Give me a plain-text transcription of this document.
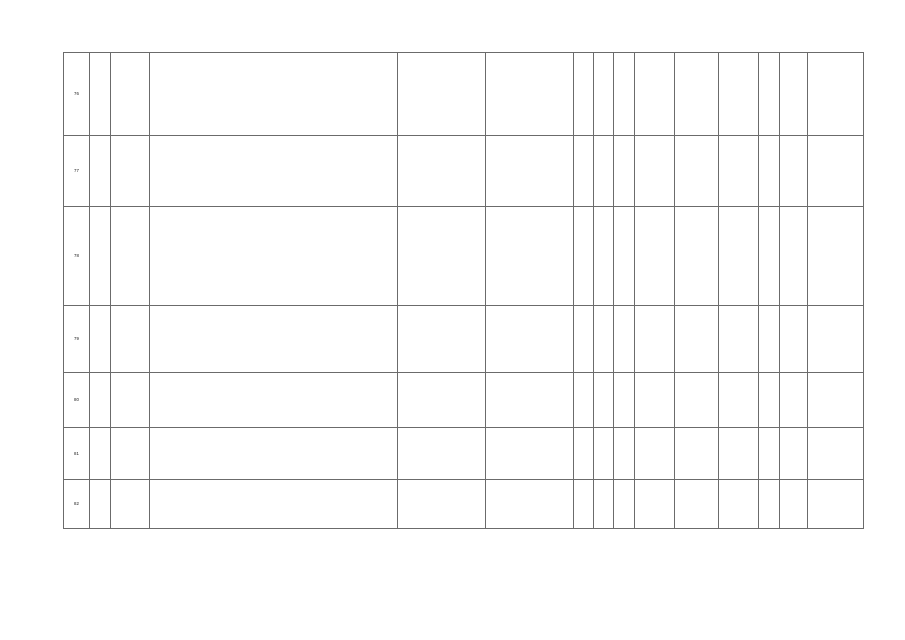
76			

77			

78			

79			

80			

81			

82			
